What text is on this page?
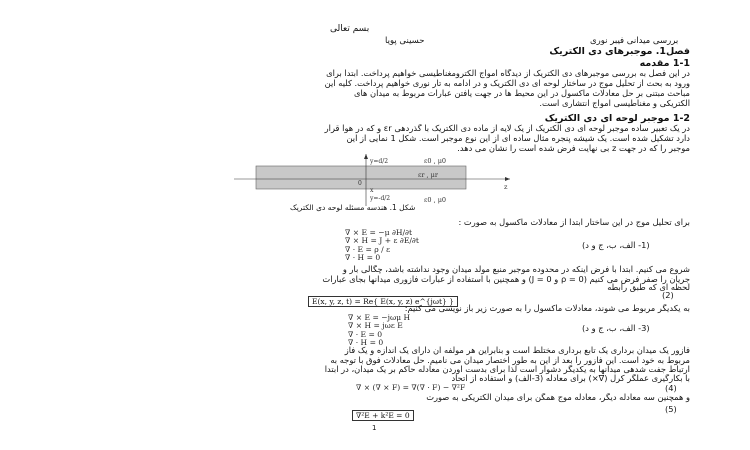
بسم تعالی
حسینی پویا	بررسی میدانی فیبر نوری
فصل1. موجبرهای دی الکتریک
1-1 مقدمه
در این فصل به بررسی موجبرهای دی الکتریک از دیدگاه امواج الکترومغناطیسی خواهیم پرداخت. ابتدا برای
ورود به بحث از تحلیل موج در ساختار لوحه ای دی الکتریک و در ادامه به تار نوری خواهیم پرداخت. کلیه این
مباحث مبتنی بر حل معادلات ماکسول در این محیط ها در جهت یافتن عبارات مربوط به میدان های
الکتریکی و مغناطیسی امواج انتشاری است.
1-2 موجبر لوحه ای دی الکتریک
در یک تعبیر ساده موجبر لوحه ای دی الکتریک از یک لایه از ماده دی الکتریک با گذردهی εr و که در هوا قرار
دارد تشکیل شده است. یک شیشه پنجره مثال ساده ای از این نوع موجبر است. شکل 1 نمایی از این
موجبر را که در جهت z بی نهایت فرض شده است را نشان می دهد.
y=d/2	ε0 , μ0
εr , μr
0	z
x
y=-d/2	ε0 , μ0
شکل 1. هندسه مسئله لوحه دی الکتریک
برای تحلیل موج در این ساختار ابتدا از معادلات ماکسول به صورت :
∇ × E = −μ ∂H/∂t
∇ × H = J + ε ∂E/∂t
∇ · E = ρ / ε
∇ · H = 0
(1- الف، ب، ج و د)
شروع می کنیم. ابتدا با فرض اینکه در محدوده موجبر منبع مولد میدان وجود نداشته باشد، چگالی بار و
جریان را صفر فرض می کنیم (ρ = 0 و J = 0) و همچنین با استفاده از عبارات فازوری میدانها بجای عبارات
لحظه ای که طبق رابطه
E(x, y, z, t) = Re{ E(x, y, z) e^{jωt} }
(2)
به یکدیگر مربوط می شوند، معادلات ماکسول را به صورت زیر باز نویسی می کنیم:
∇ × E = −jωμ H
∇ × H = jωε E
∇ · E = 0
∇ · H = 0
(3- الف، ب، ج و د)
فازور یک میدان برداری یک تابع برداری مختلط است و بنابراین هر مولفه آن دارای یک اندازه و یک فاز
مربوط به خود است. این فازور را بعد از این به طور اختصار میدان می نامیم. حل معادلات فوق با توجه به
ارتباط جفت شدهی میدانها به یکدیگر دشوار است لذا برای بدست آوردن معادله حاکم بر یک میدان، در ابتدا
با بکارگیری عملگر کرل (∇×) برای معادله (3-الف) و استفاده از اتحاد
∇ × (∇ × F) = ∇(∇ · F) − ∇²F	(4)
و همچنین سه معادله دیگر، معادله موج همگن برای میدان الکتریکی به صورت
∇²E + k²E = 0
(5)
1
